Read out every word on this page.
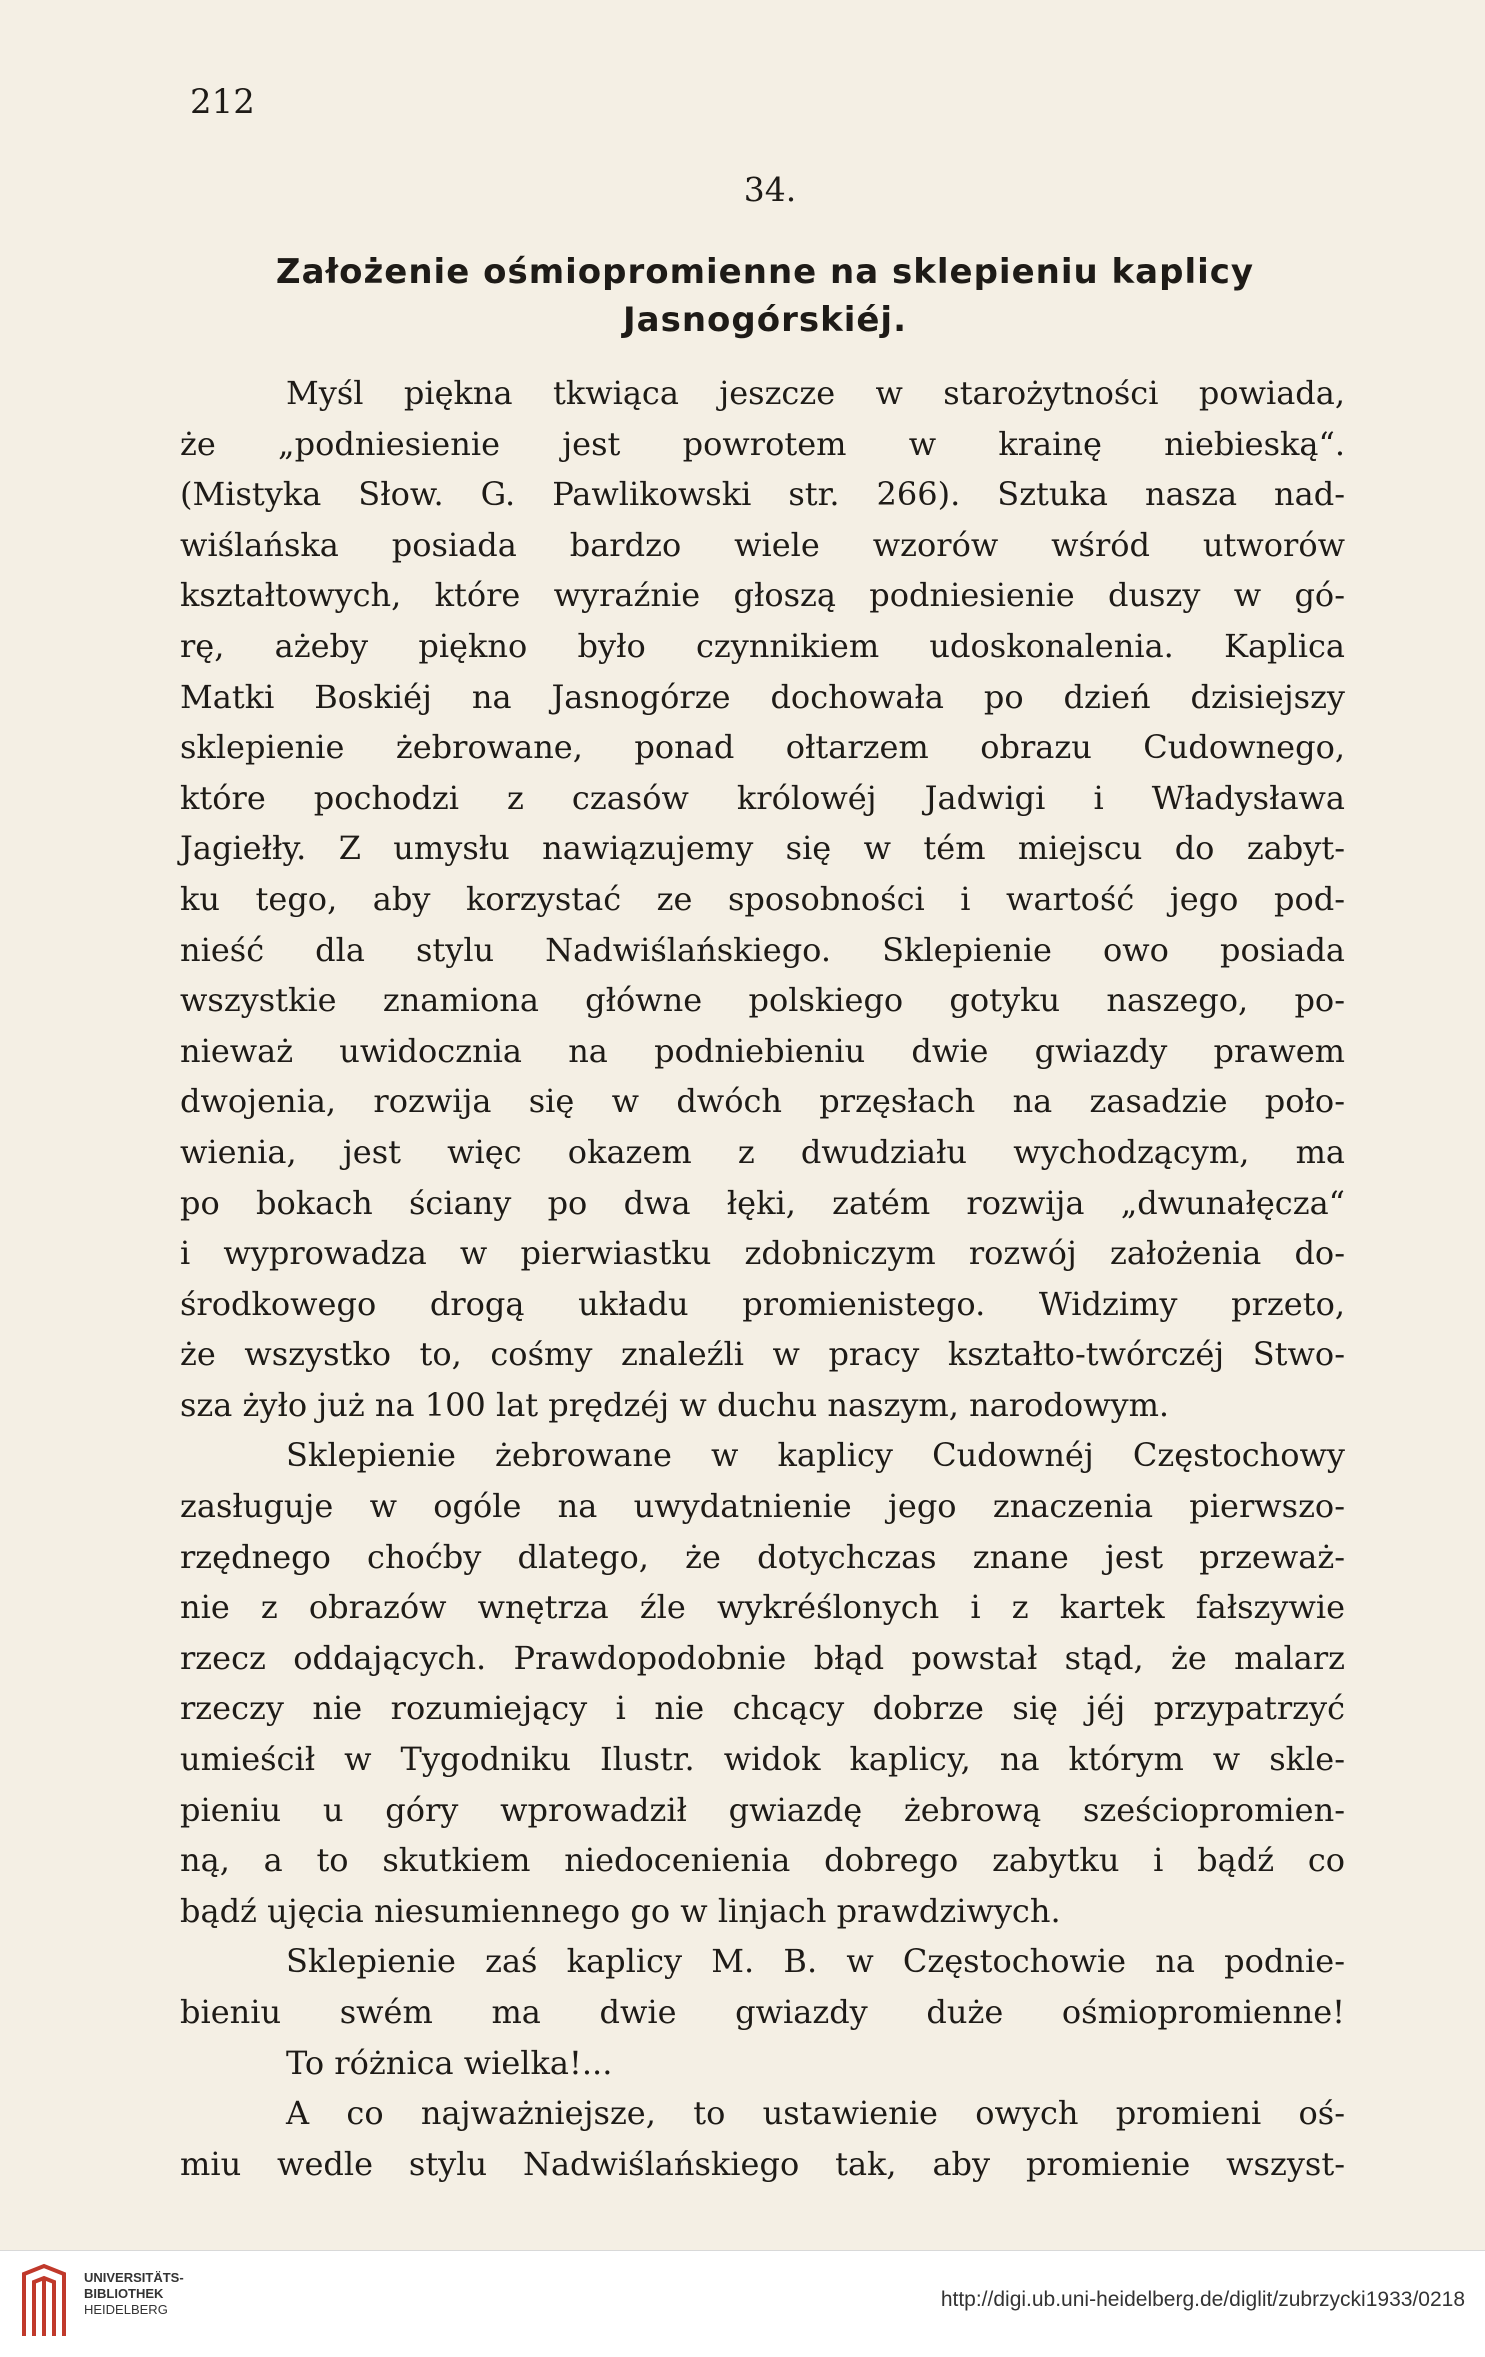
212
34.
Założenie ośmiopromienne na sklepieniu kaplicy
Jasnogórskiéj.
Myśl piękna tkwiąca jeszcze w starożytności powiada,
że „podniesienie jest powrotem w krainę niebieską“.
(Mistyka Słow. G. Pawlikowski str. 266). Sztuka nasza nad-
wiślańska posiada bardzo wiele wzorów wśród utworów
kształtowych, które wyraźnie głoszą podniesienie duszy w gó-
rę, ażeby piękno było czynnikiem udoskonalenia. Kaplica
Matki Boskiéj na Jasnogórze dochowała po dzień dzisiejszy
sklepienie żebrowane, ponad ołtarzem obrazu Cudownego,
które pochodzi z czasów królowéj Jadwigi i Władysława
Jagiełły. Z umysłu nawiązujemy się w tém miejscu do zabyt-
ku tego, aby korzystać ze sposobności i wartość jego pod-
nieść dla stylu Nadwiślańskiego. Sklepienie owo posiada
wszystkie znamiona główne polskiego gotyku naszego, po-
nieważ uwidocznia na podniebieniu dwie gwiazdy prawem
dwojenia, rozwija się w dwóch przęsłach na zasadzie poło-
wienia, jest więc okazem z dwudziału wychodzącym, ma
po bokach ściany po dwa łęki, zatém rozwija „dwunałęcza“
i wyprowadza w pierwiastku zdobniczym rozwój założenia do-
środkowego drogą układu promienistego. Widzimy przeto,
że wszystko to, cośmy znaleźli w pracy kształto-twórczéj Stwo-
sza żyło już na 100 lat prędzéj w duchu naszym, narodowym.
Sklepienie żebrowane w kaplicy Cudownéj Częstochowy
zasługuje w ogóle na uwydatnienie jego znaczenia pierwszo-
rzędnego choćby dlatego, że dotychczas znane jest przeważ-
nie z obrazów wnętrza źle wykréślonych i z kartek fałszywie
rzecz oddających. Prawdopodobnie błąd powstał stąd, że malarz
rzeczy nie rozumiejący i nie chcący dobrze się jéj przypatrzyć
umieścił w Tygodniku Ilustr. widok kaplicy, na którym w skle-
pieniu u góry wprowadził gwiazdę żebrową sześciopromien-
ną, a to skutkiem niedocenienia dobrego zabytku i bądź co
bądź ujęcia niesumiennego go w linjach prawdziwych.
Sklepienie zaś kaplicy M. B. w Częstochowie na podnie-
bieniu swém ma dwie gwiazdy duże ośmiopromienne!
To różnica wielka!...
A co najważniejsze, to ustawienie owych promieni oś-
miu wedle stylu Nadwiślańskiego tak, aby promienie wszyst-
UNIVERSITÄTS-
BIBLIOTHEK
HEIDELBERG	http://digi.ub.uni-heidelberg.de/diglit/zubrzycki1933/0218
